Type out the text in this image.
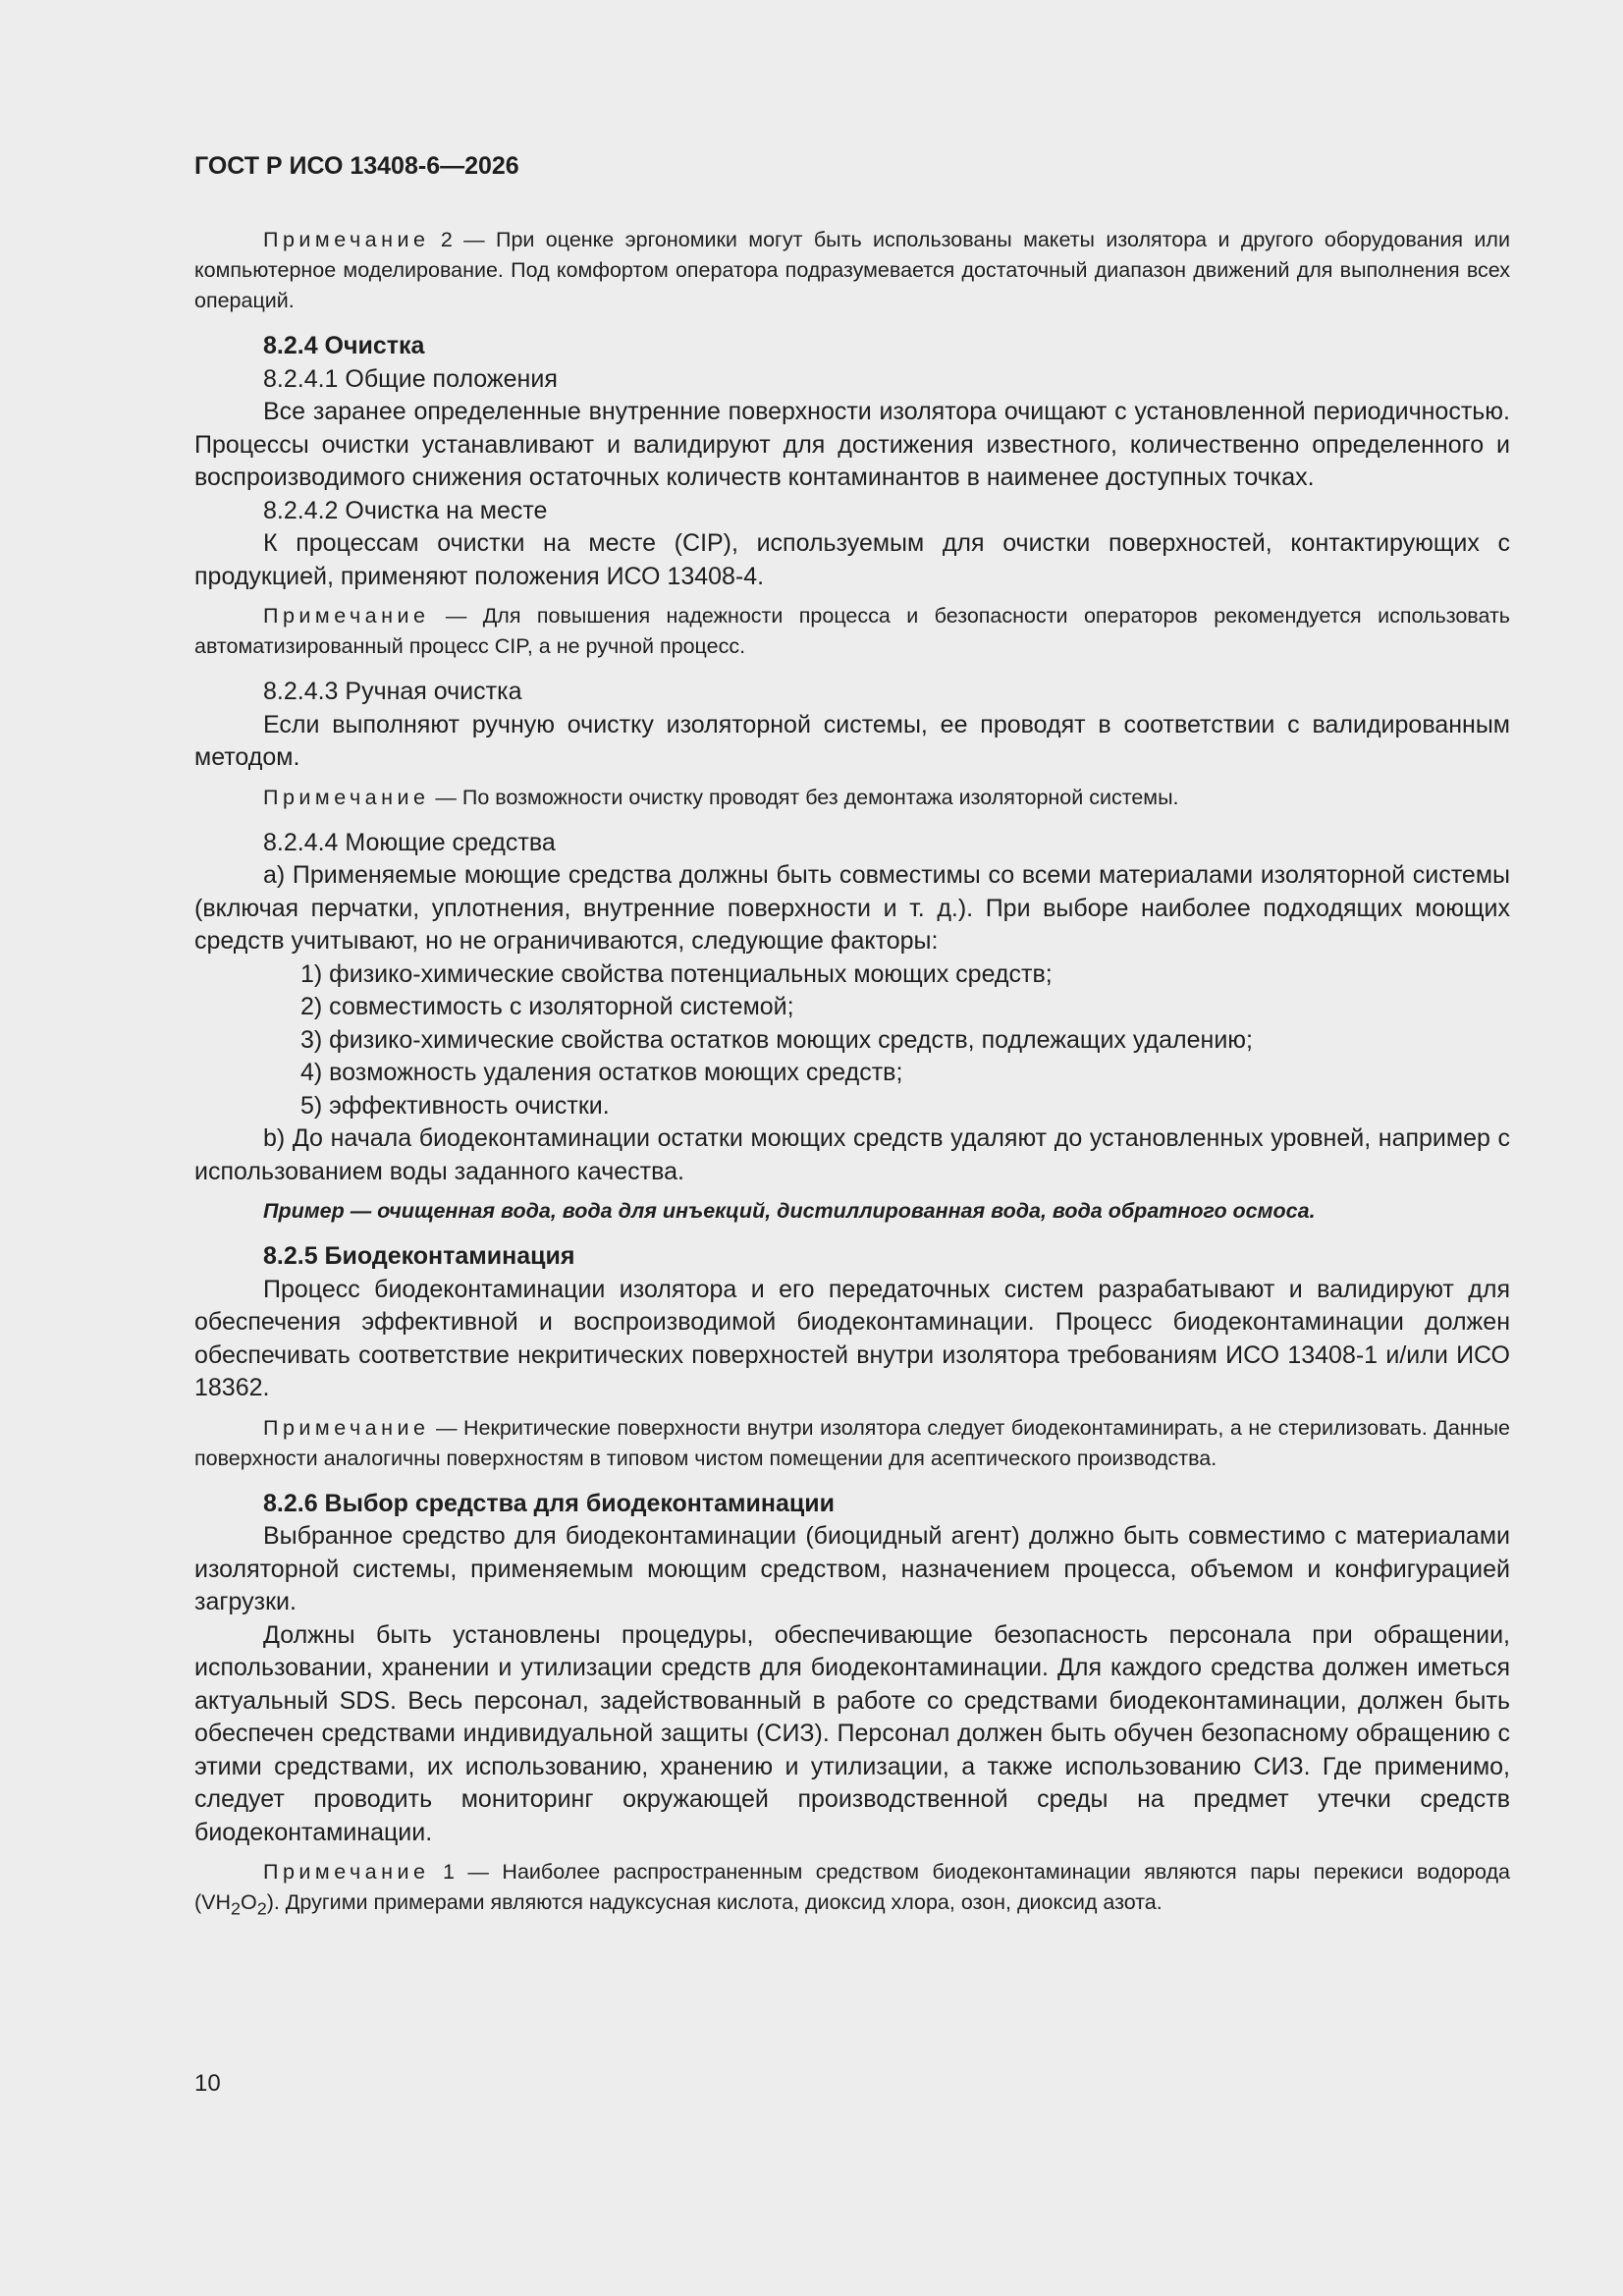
ГОСТ Р ИСО 13408-6—2026

Примечание 2 — При оценке эргономики могут быть использованы макеты изолятора и другого оборудования или компьютерное моделирование. Под комфортом оператора подразумевается достаточный диапазон движений для выполнения всех операций.

8.2.4 Очистка
8.2.4.1 Общие положения

Все заранее определенные внутренние поверхности изолятора очищают с установленной периодичностью. Процессы очистки устанавливают и валидируют для достижения известного, количественно определенного и воспроизводимого снижения остаточных количеств контаминантов в наименее доступных точках.

8.2.4.2 Очистка на месте

К процессам очистки на месте (CIP), используемым для очистки поверхностей, контактирующих с продукцией, применяют положения ИСО 13408-4.

Примечание — Для повышения надежности процесса и безопасности операторов рекомендуется использовать автоматизированный процесс CIP, а не ручной процесс.

8.2.4.3 Ручная очистка

Если выполняют ручную очистку изоляторной системы, ее проводят в соответствии с валидированным методом.

Примечание — По возможности очистку проводят без демонтажа изоляторной системы.

8.2.4.4 Моющие средства

a) Применяемые моющие средства должны быть совместимы со всеми материалами изоляторной системы (включая перчатки, уплотнения, внутренние поверхности и т. д.). При выборе наиболее подходящих моющих средств учитывают, но не ограничиваются, следующие факторы:

1) физико-химические свойства потенциальных моющих средств;
2) совместимость с изоляторной системой;
3) физико-химические свойства остатков моющих средств, подлежащих удалению;
4) возможность удаления остатков моющих средств;
5) эффективность очистки.

b) До начала биодеконтаминации остатки моющих средств удаляют до установленных уровней, например с использованием воды заданного качества.

Пример — очищенная вода, вода для инъекций, дистиллированная вода, вода обратного осмоса.

8.2.5 Биодеконтаминация

Процесс биодеконтаминации изолятора и его передаточных систем разрабатывают и валидируют для обеспечения эффективной и воспроизводимой биодеконтаминации. Процесс биодеконтаминации должен обеспечивать соответствие некритических поверхностей внутри изолятора требованиям ИСО 13408-1 и/или ИСО 18362.

Примечание — Некритические поверхности внутри изолятора следует биодеконтаминирать, а не стерилизовать. Данные поверхности аналогичны поверхностям в типовом чистом помещении для асептического производства.

8.2.6 Выбор средства для биодеконтаминации

Выбранное средство для биодеконтаминации (биоцидный агент) должно быть совместимо с материалами изоляторной системы, применяемым моющим средством, назначением процесса, объемом и конфигурацией загрузки.

Должны быть установлены процедуры, обеспечивающие безопасность персонала при обращении, использовании, хранении и утилизации средств для биодеконтаминации. Для каждого средства должен иметься актуальный SDS. Весь персонал, задействованный в работе со средствами биодеконтаминации, должен быть обеспечен средствами индивидуальной защиты (СИЗ). Персонал должен быть обучен безопасному обращению с этими средствами, их использованию, хранению и утилизации, а также использованию СИЗ. Где применимо, следует проводить мониторинг окружающей производственной среды на предмет утечки средств биодеконтаминации.

Примечание 1 — Наиболее распространенным средством биодеконтаминации являются пары перекиси водорода $(VH_2O_2)$. Другими примерами являются надуксусная кислота, диоксид хлора, озон, диоксид азота.

10
